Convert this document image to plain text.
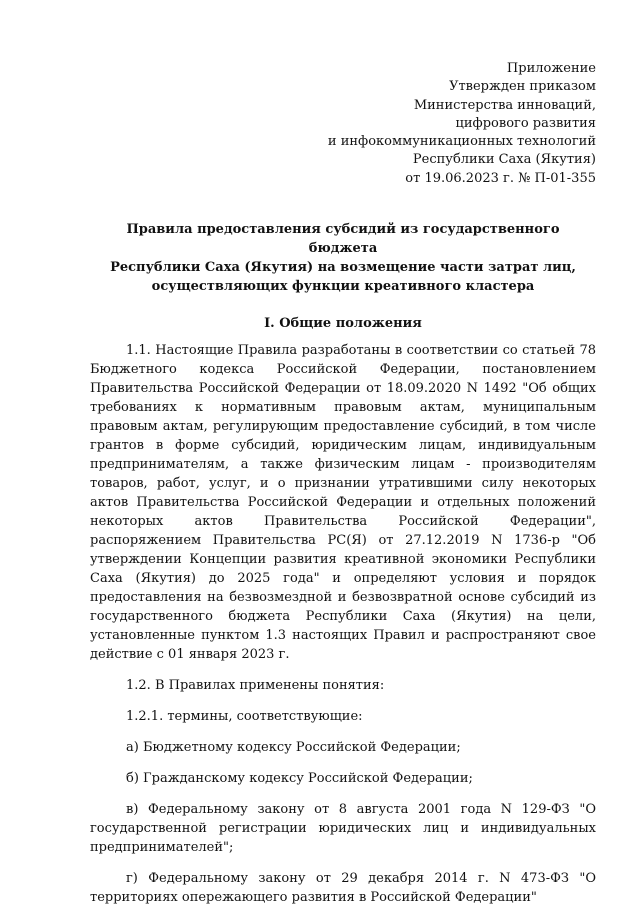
Приложение
Утвержден приказом
Министерства инноваций,
цифрового развития
и инфокоммуникационных технологий
Республики Саха (Якутия)
от 19.06.2023 г. № П-01-355
Правила предоставления субсидий из государственного бюджета
Республики Саха (Якутия) на возмещение части затрат лиц,
осуществляющих функции креативного кластера
I. Общие положения

1.1. Настоящие Правила разработаны в соответствии со статьей 78 Бюджетного кодекса Российской Федерации, постановлением Правительства Российской Федерации от 18.09.2020 N 1492 "Об общих требованиях к нормативным правовым актам, муниципальным правовым актам, регулирующим предоставление субсидий, в том числе грантов в форме субсидий, юридическим лицам, индивидуальным предпринимателям, а также физическим лицам - производителям товаров, работ, услуг, и о признании утратившими силу некоторых актов Правительства Российской Федерации и отдельных положений некоторых актов Правительства Российской Федерации", распоряжением Правительства РС(Я) от 27.12.2019 N 1736-р "Об утверждении Концепции развития креативной экономики Республики Саха (Якутия) до 2025 года" и определяют условия и порядок предоставления на безвозмездной и безвозвратной основе субсидий из государственного бюджета Республики Саха (Якутия) на цели, установленные пунктом 1.3 настоящих Правил и распространяют свое действие с 01 января 2023 г.

1.2. В Правилах применены понятия:

1.2.1. термины, соответствующие:

а) Бюджетному кодексу Российской Федерации;

б) Гражданскому кодексу Российской Федерации;

в) Федеральному закону от 8 августа 2001 года N 129-ФЗ "О государственной регистрации юридических лиц и индивидуальных предпринимателей";

г) Федеральному закону от 29 декабря 2014 г. N 473-ФЗ "О территориях опережающего развития в Российской Федерации"
